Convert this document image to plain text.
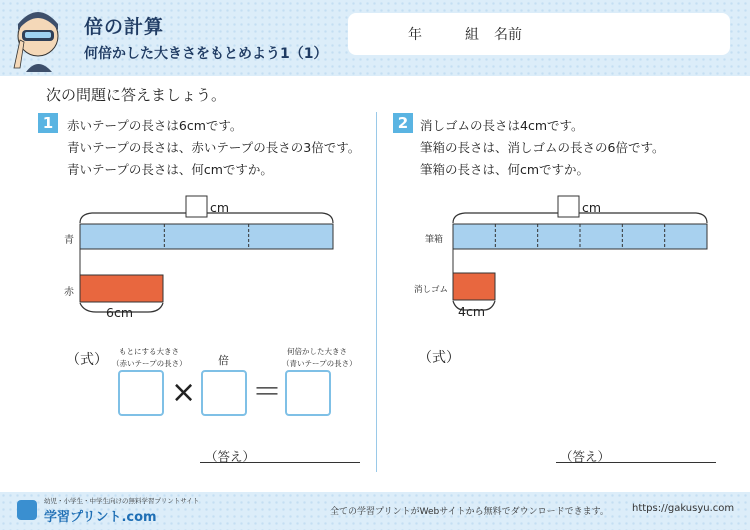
倍の計算
何倍かした大きさをもとめよう1（1）
年	組 名前
次の問題に答えましょう。
1	赤いテープの長さは6cmです。
青いテープの長さは、赤いテープの長さの3倍です。
青いテープの長さは、何cmですか。
2 消しゴムの長さは4cmです。
筆箱の長さは、消しゴムの長さの6倍です。
筆箱の長さは、何cmですか。
cm
青
赤
6cm
（式）
もとにする大きさ
（赤いテープの長さ）	倍
何倍かした大きさ
（青いテープの長さ）
× ＝
（答え）
cm
筆箱
消しゴム
4cm
（式）
（答え）
幼児・小学生・中学生向けの無料学習プリントサイト
学習プリント.com	全ての学習プリントがWebサイトから無料でダウンロードできます。 https://gakusyu.com
